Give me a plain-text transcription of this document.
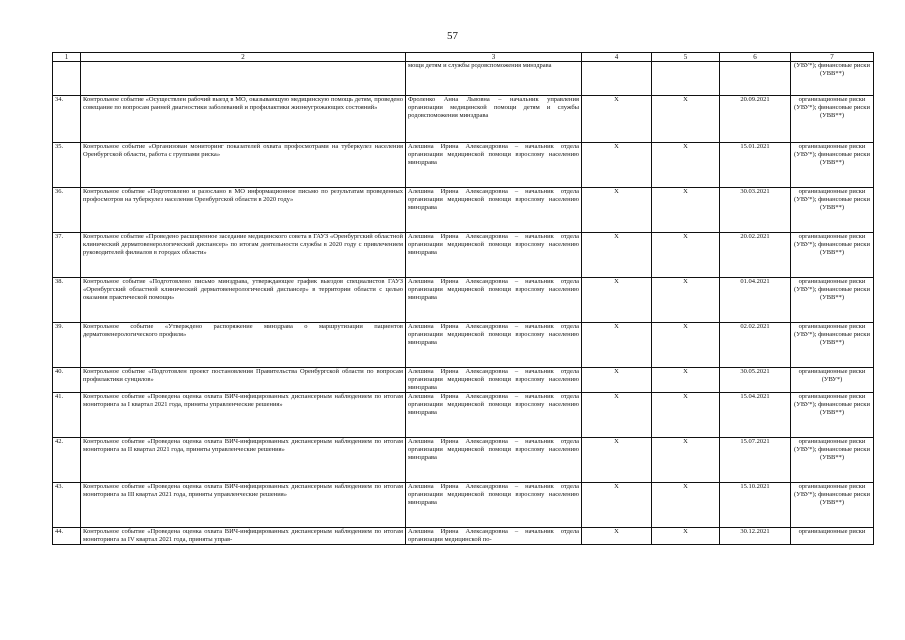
57
1	2	3	4	5	6	7
		мощи детям и службы родовспоможения минздрава				(УВУ*); финансовые риски (УВВ**)
34.	Контрольное событие «Осуществлен рабочий выезд в МО, оказывающую медицинскую помощь детям, проведено совещание по вопросам ранней диагностики заболеваний и профилактики жизнеугрожающих состояний»	Фроленко Анна Львовна – начальник управления организации медицинской помощи детям и службы родовспоможения минздрава	X	X	20.09.2021	организационные риски (УВУ*); финансовые риски (УВВ**)
35.	Контрольное событие «Организован мониторинг показателей охвата профосмотрами на туберкулез населения Оренбургской области, работа с группами риска»	Алешина Ирина Александровна – начальник отдела организации медицинской помощи взрослому населению минздрава	X	X	15.01.2021	организационные риски (УВУ*); финансовые риски (УВВ**)
36.	Контрольное событие «Подготовлено и разослано в МО информационное письмо по результатам проведенных профосмотров на туберкулез населения Оренбургской области в 2020 году»	Алешина Ирина Александровна – начальник отдела организации медицинской помощи взрослому населению минздрава	X	X	30.03.2021	организационные риски (УВУ*); финансовые риски (УВВ**)
37.	Контрольное событие «Проведено расширенное заседание медицинского совета в ГАУЗ «Оренбургский областной клинический дерматовенерологический диспансер» по итогам деятельности службы в 2020 году с привлечением руководителей филиалов в городах области»	Алешина Ирина Александровна – начальник отдела организации медицинской помощи взрослому населению минздрава	X	X	20.02.2021	организационные риски (УВУ*); финансовые риски (УВВ**)
38.	Контрольное событие «Подготовлено письмо минздрава, утверждающее график выездов специалистов ГАУЗ «Оренбургский областной клинический дерматовенерологический диспансер» в территории области с целью оказания практической помощи»	Алешина Ирина Александровна – начальник отдела организации медицинской помощи взрослому населению минздрава	X	X	01.04.2021	организационные риски (УВУ*); финансовые риски (УВВ**)
39.	Контрольное событие «Утверждено распоряжение минздрава о маршрутизации пациентов дерматовенерологического профиля»	Алешина Ирина Александровна – начальник отдела организации медицинской помощи взрослому населению минздрава	X	X	02.02.2021	организационные риски (УВУ*); финансовые риски (УВВ**)
40.	Контрольное событие «Подготовлен проект постановления Правительства Оренбургской области по вопросам профилактики сунцилов»	Алешина Ирина Александровна – начальник отдела организации медицинской помощи взрослому населению минздрава	X	X	30.05.2021	организационные риски (УВУ*)
41.	Контрольное событие «Проведена оценка охвата ВИЧ-инфицированных диспансерным наблюдением по итогам мониторинга за I квартал 2021 года, приняты управленческие решения»	Алешина Ирина Александровна – начальник отдела организации медицинской помощи взрослому населению минздрава	X	X	15.04.2021	организационные риски (УВУ*); финансовые риски (УВВ**)
42.	Контрольное событие «Проведена оценка охвата ВИЧ-инфицированных диспансерным наблюдением по итогам мониторинга за II квартал 2021 года, приняты управленческие решения»	Алешина Ирина Александровна – начальник отдела организации медицинской помощи взрослому населению минздрава	X	X	15.07.2021	организационные риски (УВУ*); финансовые риски (УВВ**)
43.	Контрольное событие «Проведена оценка охвата ВИЧ-инфицированных диспансерным наблюдением по итогам мониторинга за III квартал 2021 года, приняты управленческие решения»	Алешина Ирина Александровна – начальник отдела организации медицинской помощи взрослому населению минздрава	X	X	15.10.2021	организационные риски (УВУ*); финансовые риски (УВВ**)
44.	Контрольное событие «Проведена оценка охвата ВИЧ-инфицированных диспансерным наблюдением по итогам мониторинга за IV квартал 2021 года, приняты управ-	Алешина Ирина Александровна – начальник отдела организации медицинской по-	X	X	30.12.2021	организационные риски
